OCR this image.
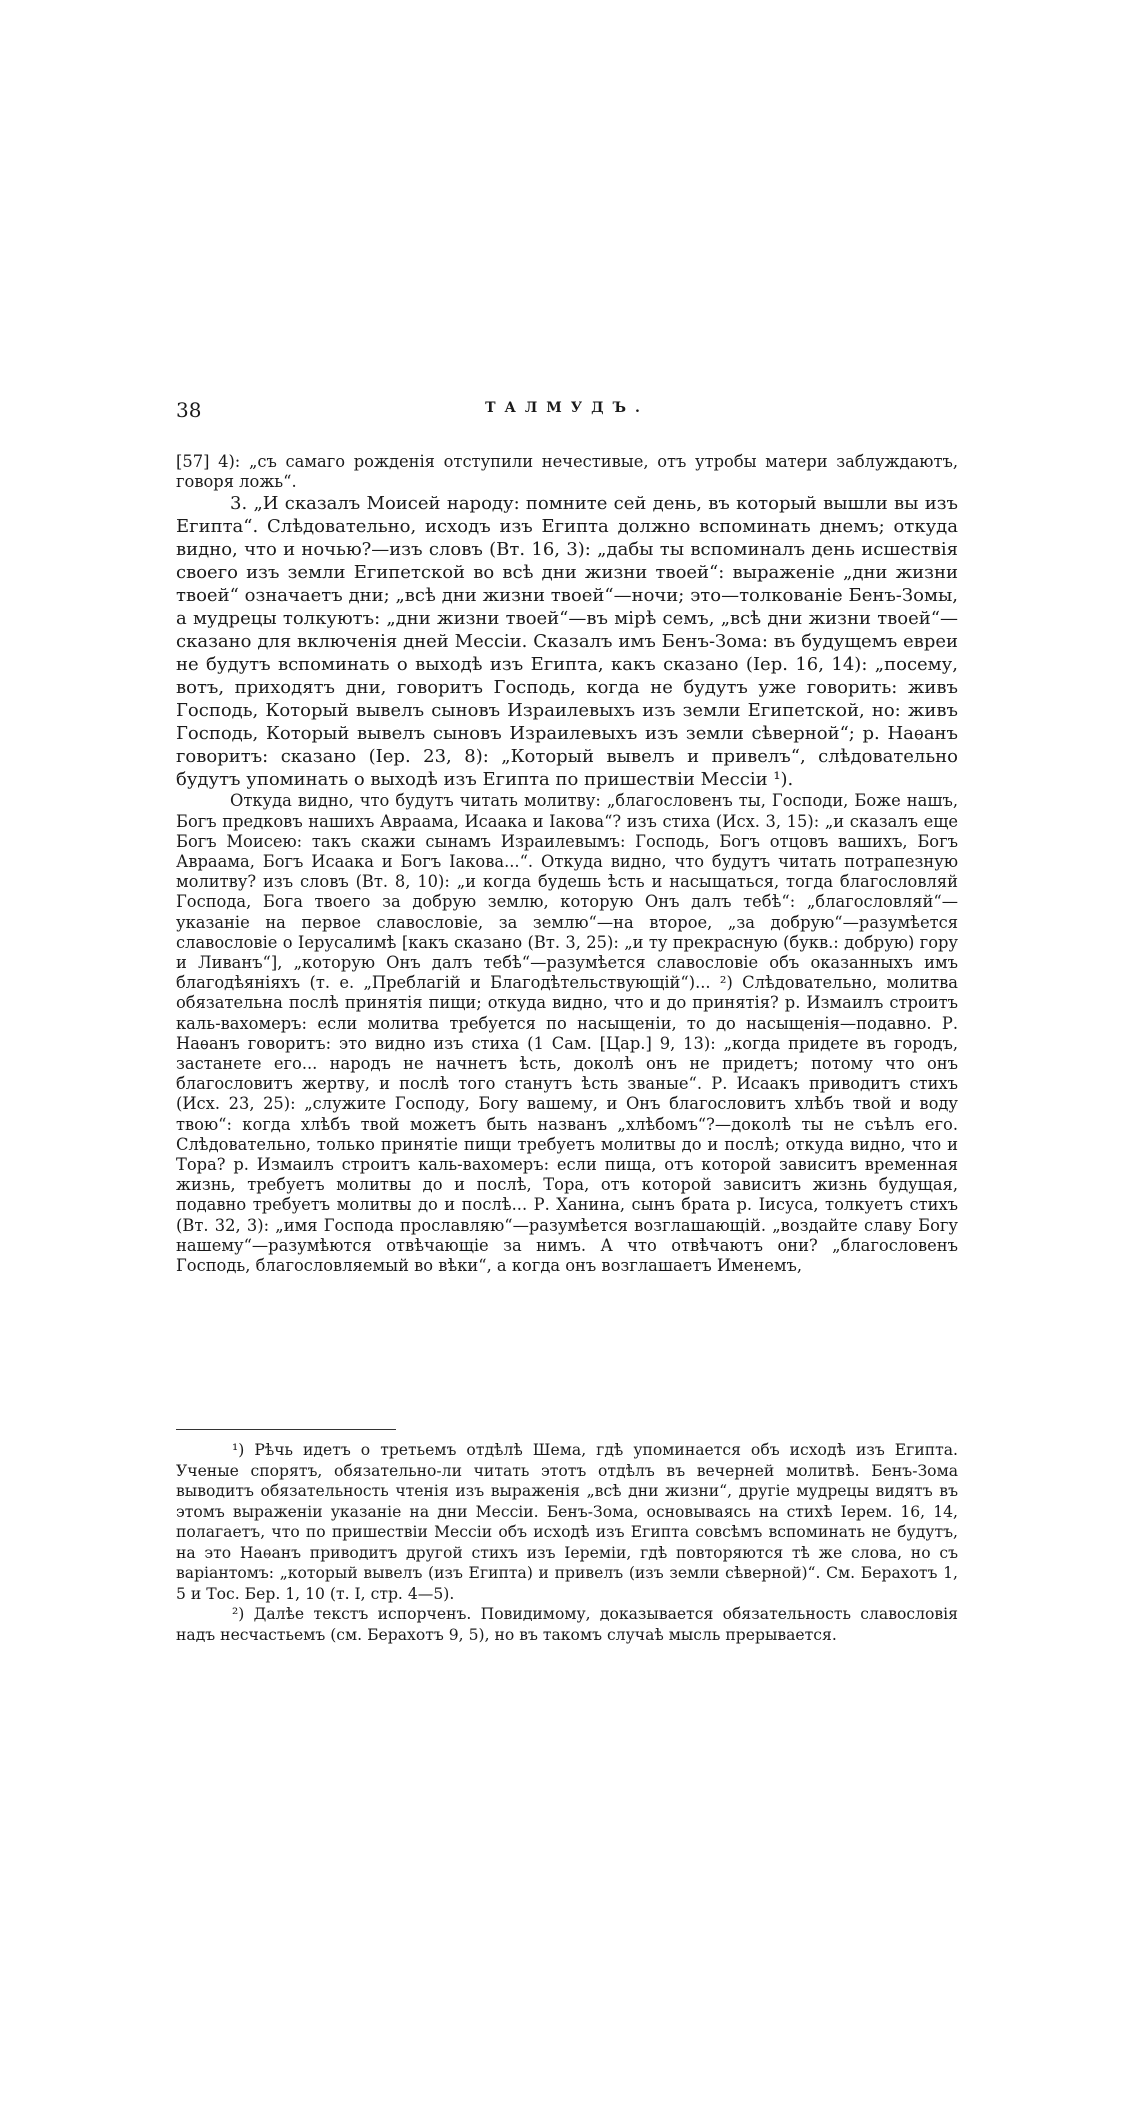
38	ТАЛМУДЪ.

[57] 4): „съ самаго рожденія отступили нечестивые, отъ утробы матери заблуждаютъ, говоря ложь“.

3. „И сказалъ Моисей народу: помните сей день, въ который вышли вы изъ Египта“. Слѣдовательно, исходъ изъ Египта должно вспоминать днемъ; откуда видно, что и ночью?—изъ словъ (Вт. 16, 3): „дабы ты вспоминалъ день исшествія своего изъ земли Египетской во всѣ дни жизни твоей“: выраженіе „дни жизни твоей“ означаетъ дни; „всѣ дни жизни твоей“—ночи; это—толкованіе Бенъ-Зомы, а мудрецы толкуютъ: „дни жизни твоей“—въ мірѣ семъ, „всѣ дни жизни твоей“—сказано для включенія дней Мессіи. Сказалъ имъ Бенъ-Зома: въ будущемъ евреи не будутъ вспоминать о выходѣ изъ Египта, какъ сказано (Іер. 16, 14): „посему, вотъ, приходятъ дни, говоритъ Господь, когда не будутъ уже говорить: живъ Господь, Который вывелъ сыновъ Израилевыхъ изъ земли Египетской, но: живъ Господь, Который вывелъ сыновъ Израилевыхъ изъ земли сѣверной“; р. Наѳанъ говоритъ: сказано (Іер. 23, 8): „Который вывелъ и привелъ“, слѣдовательно будутъ упоминать о выходѣ изъ Египта по пришествіи Мессіи ¹).

Откуда видно, что будутъ читать молитву: „благословенъ ты, Господи, Боже нашъ, Богъ предковъ нашихъ Авраама, Исаака и Іакова“? изъ стиха (Исх. 3, 15): „и сказалъ еще Богъ Моисею: такъ скажи сынамъ Израилевымъ: Господь, Богъ отцовъ вашихъ, Богъ Авраама, Богъ Исаака и Богъ Іакова...“. Откуда видно, что будутъ читать потрапезную молитву? изъ словъ (Вт. 8, 10): „и когда будешь ѣсть и насыщаться, тогда благословляй Господа, Бога твоего за добрую землю, которую Онъ далъ тебѣ“: „благословляй“—указаніе на первое славословіе, за землю“—на второе, „за добрую“—разумѣется славословіе о Іерусалимѣ [какъ сказано (Вт. 3, 25): „и ту прекрасную (букв.: добрую) гору и Ливанъ“], „которую Онъ далъ тебѣ“—разумѣется славословіе объ оказанныхъ имъ благодѣяніяхъ (т. е. „Преблагій и Благодѣтельствующій“)... ²) Слѣдовательно, молитва обязательна послѣ принятія пищи; откуда видно, что и до принятія? р. Измаилъ строитъ каль-вахомеръ: если молитва требуется по насыщеніи, то до насыщенія—подавно. Р. Наѳанъ говоритъ: это видно изъ стиха (1 Сам. [Цар.] 9, 13): „когда придете въ городъ, застанете его... народъ не начнетъ ѣсть, доколѣ онъ не придетъ; потому что онъ благословитъ жертву, и послѣ того станутъ ѣсть званые“. Р. Исаакъ приводитъ стихъ (Исх. 23, 25): „служите Господу, Богу вашему, и Онъ благословитъ хлѣбъ твой и воду твою“: когда хлѣбъ твой можетъ быть названъ „хлѣбомъ“?—доколѣ ты не съѣлъ его. Слѣдовательно, только принятіе пищи требуетъ молитвы до и послѣ; откуда видно, что и Тора? р. Измаилъ строитъ каль-вахомеръ: если пища, отъ которой зависитъ временная жизнь, требуетъ молитвы до и послѣ, Тора, отъ которой зависитъ жизнь будущая, подавно требуетъ молитвы до и послѣ... Р. Ханина, сынъ брата р. Іисуса, толкуетъ стихъ (Вт. 32, 3): „имя Господа прославляю“—разумѣется возглашающій. „воздайте славу Богу нашему“—разумѣются отвѣчающіе за нимъ. А что отвѣчаютъ они? „благословенъ Господь, благословляемый во вѣки“, а когда онъ возглашаетъ Именемъ,

¹) Рѣчь идетъ о третьемъ отдѣлѣ Шема, гдѣ упоминается объ исходѣ изъ Египта. Ученые спорятъ, обязательно-ли читать этотъ отдѣлъ въ вечерней молитвѣ. Бенъ-Зома выводитъ обязательность чтенія изъ выраженія „всѣ дни жизни“, другіе мудрецы видятъ въ этомъ выраженіи указаніе на дни Мессіи. Бенъ-Зома, основываясь на стихѣ Іерем. 16, 14, полагаетъ, что по пришествіи Мессіи объ исходѣ изъ Египта совсѣмъ вспоминать не будутъ, на это Наѳанъ приводитъ другой стихъ изъ Іереміи, гдѣ повторяются тѣ же слова, но съ варіантомъ: „который вывелъ (изъ Египта) и привелъ (изъ земли сѣверной)“. См. Берахотъ 1, 5 и Тос. Бер. 1, 10 (т. I, стр. 4—5).

²) Далѣе текстъ испорченъ. Повидимому, доказывается обязательность славословія надъ несчастьемъ (см. Берахотъ 9, 5), но въ такомъ случаѣ мысль прерывается.
